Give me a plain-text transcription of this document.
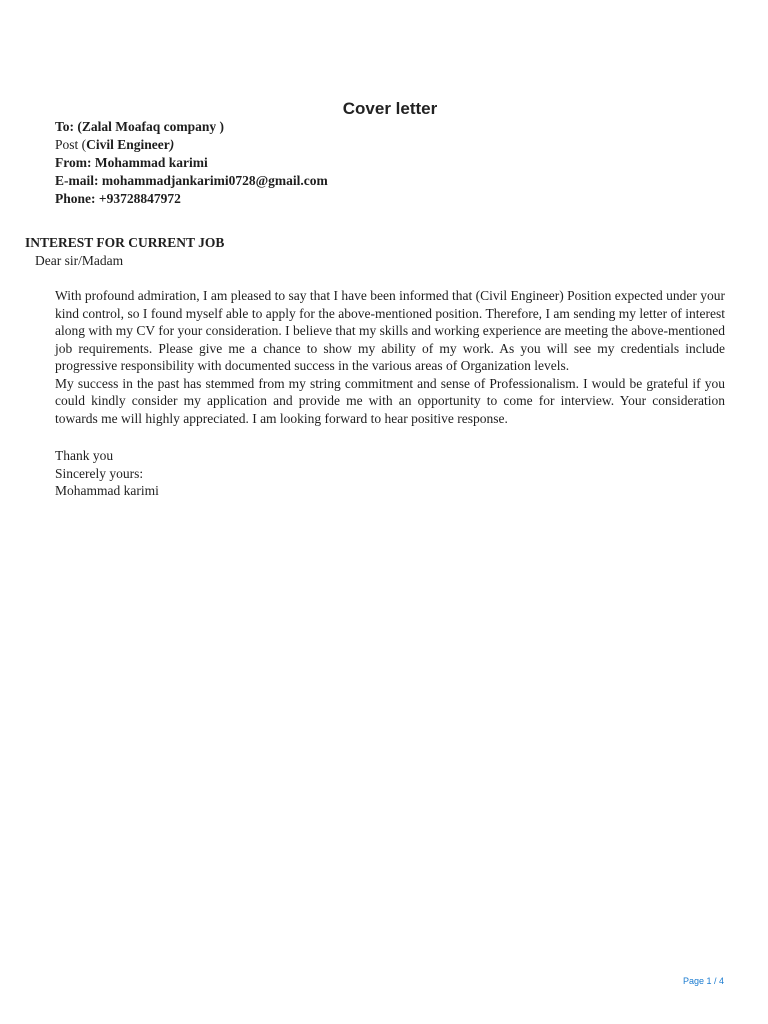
Cover letter
To: (Zalal Moafaq company )
Post (Civil Engineer)
From: Mohammad karimi
E-mail: mohammadjankarimi0728@gmail.com
Phone: +93728847972
INTEREST FOR CURRENT JOB
Dear sir/Madam

With profound admiration, I am pleased to say that I have been informed that (Civil Engineer) Position expected under your kind control, so I found myself able to apply for the above-mentioned position. Therefore, I am sending my letter of interest along with my CV for your consideration. I believe that my skills and working experience are meeting the above-mentioned job requirements. Please give me a chance to show my ability of my work. As you will see my credentials include progressive responsibility with documented success in the various areas of Organization levels.

My success in the past has stemmed from my string commitment and sense of Professionalism. I would be grateful if you could kindly consider my application and provide me with an opportunity to come for interview. Your consideration towards me will highly appreciated. I am looking forward to hear positive response.

Thank you
Sincerely yours:
Mohammad karimi
Page 1 / 4
